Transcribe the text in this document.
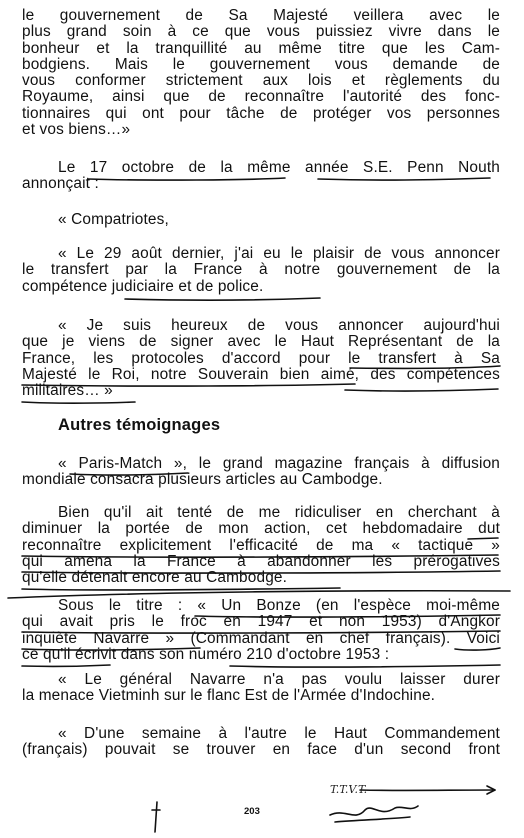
le gouvernement de Sa Majesté veillera avec le
plus grand soin à ce que vous puissiez vivre dans le
bonheur et la tranquillité au même titre que les Cam-
bodgiens. Mais le gouvernement vous demande de
vous conformer strictement aux lois et règlements du
Royaume, ainsi que de reconnaître l'autorité des fonc-
tionnaires qui ont pour tâche de protéger vos personnes
et vos biens…»
Le 17 octobre de la même année S.E. Penn Nouth
annonçait :
« Compatriotes,
« Le 29 août dernier, j'ai eu le plaisir de vous annoncer
le transfert par la France à notre gouvernement de la
compétence judiciaire et de police.
« Je suis heureux de vous annoncer aujourd'hui
que je viens de signer avec le Haut Représentant de la
France, les protocoles d'accord pour le transfert à Sa
Majesté le Roi, notre Souverain bien aimé, des compétences
militaires… »
Autres témoignages
« Paris-Match », le grand magazine français à diffusion
mondiale consacra plusieurs articles au Cambodge.
Bien qu'il ait tenté de me ridiculiser en cherchant à
diminuer la portée de mon action, cet hebdomadaire dut
reconnaître explicitement l'efficacité de ma « tactique »
qui amena la France à abandonner les prérogatives
qu'elle détenait encore au Cambodge.
Sous le titre : « Un Bonze (en l'espèce moi-même
qui avait pris le froc en 1947 et non 1953) d'Angkor
inquiète Navarre » (Commandant en chef français). Voici
ce qu'il écrivit dans son numéro 210 d'octobre 1953 :
« Le général Navarre n'a pas voulu laisser durer
la menace Vietminh sur le flanc Est de l'Armée d'Indochine.
« D'une semaine à l'autre le Haut Commandement
(français) pouvait se trouver en face d'un second front
203
T.T.V.T.
